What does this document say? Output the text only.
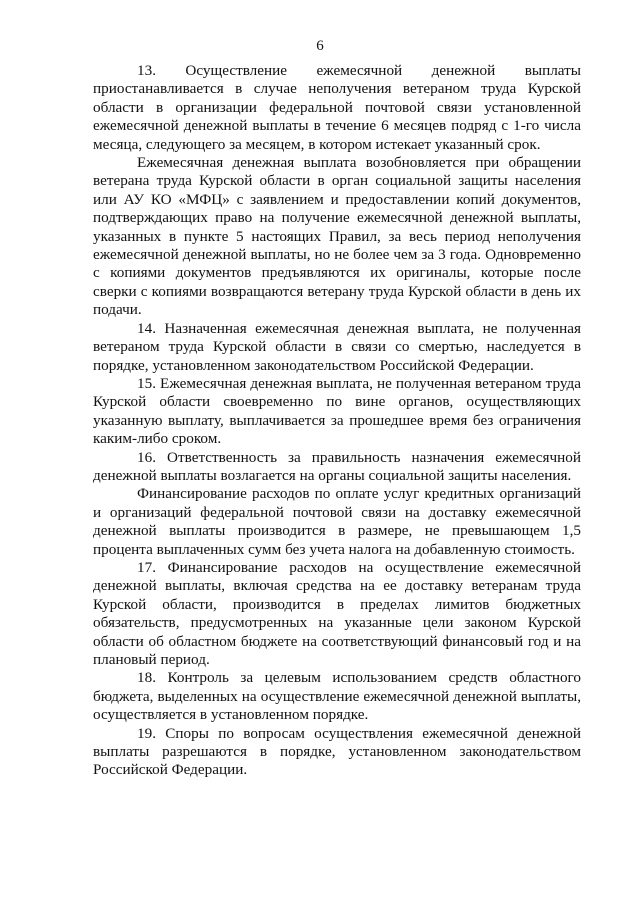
6

13. Осуществление ежемесячной денежной выплаты приостанавливается в случае неполучения ветераном труда Курской области в организации федеральной почтовой связи установленной ежемесячной денежной выплаты в течение 6 месяцев подряд с 1-го числа месяца, следующего за месяцем, в котором истекает указанный срок.

Ежемесячная денежная выплата возобновляется при обращении ветерана труда Курской области в орган социальной защиты населения или АУ КО «МФЦ» с заявлением и предоставлении копий документов, подтверждающих право на получение ежемесячной денежной выплаты, указанных в пункте 5 настоящих Правил, за весь период неполучения ежемесячной денежной выплаты, но не более чем за 3 года. Одновременно с копиями документов предъявляются их оригиналы, которые после сверки с копиями возвращаются ветерану труда Курской области в день их подачи.

14. Назначенная ежемесячная денежная выплата, не полученная ветераном труда Курской области в связи со смертью, наследуется в порядке, установленном законодательством Российской Федерации.

15. Ежемесячная денежная выплата, не полученная ветераном труда Курской области своевременно по вине органов, осуществляющих указанную выплату, выплачивается за прошедшее время без ограничения каким-либо сроком.

16. Ответственность за правильность назначения ежемесячной денежной выплаты возлагается на органы социальной защиты населения.

Финансирование расходов по оплате услуг кредитных организаций и организаций федеральной почтовой связи на доставку ежемесячной денежной выплаты производится в размере, не превышающем 1,5 процента выплаченных сумм без учета налога на добавленную стоимость.

17. Финансирование расходов на осуществление ежемесячной денежной выплаты, включая средства на ее доставку ветеранам труда Курской области, производится в пределах лимитов бюджетных обязательств, предусмотренных на указанные цели законом Курской области об областном бюджете на соответствующий финансовый год и на плановый период.

18. Контроль за целевым использованием средств областного бюджета, выделенных на осуществление ежемесячной денежной выплаты, осуществляется в установленном порядке.

19. Споры по вопросам осуществления ежемесячной денежной выплаты разрешаются в порядке, установленном законодательством Российской Федерации.
